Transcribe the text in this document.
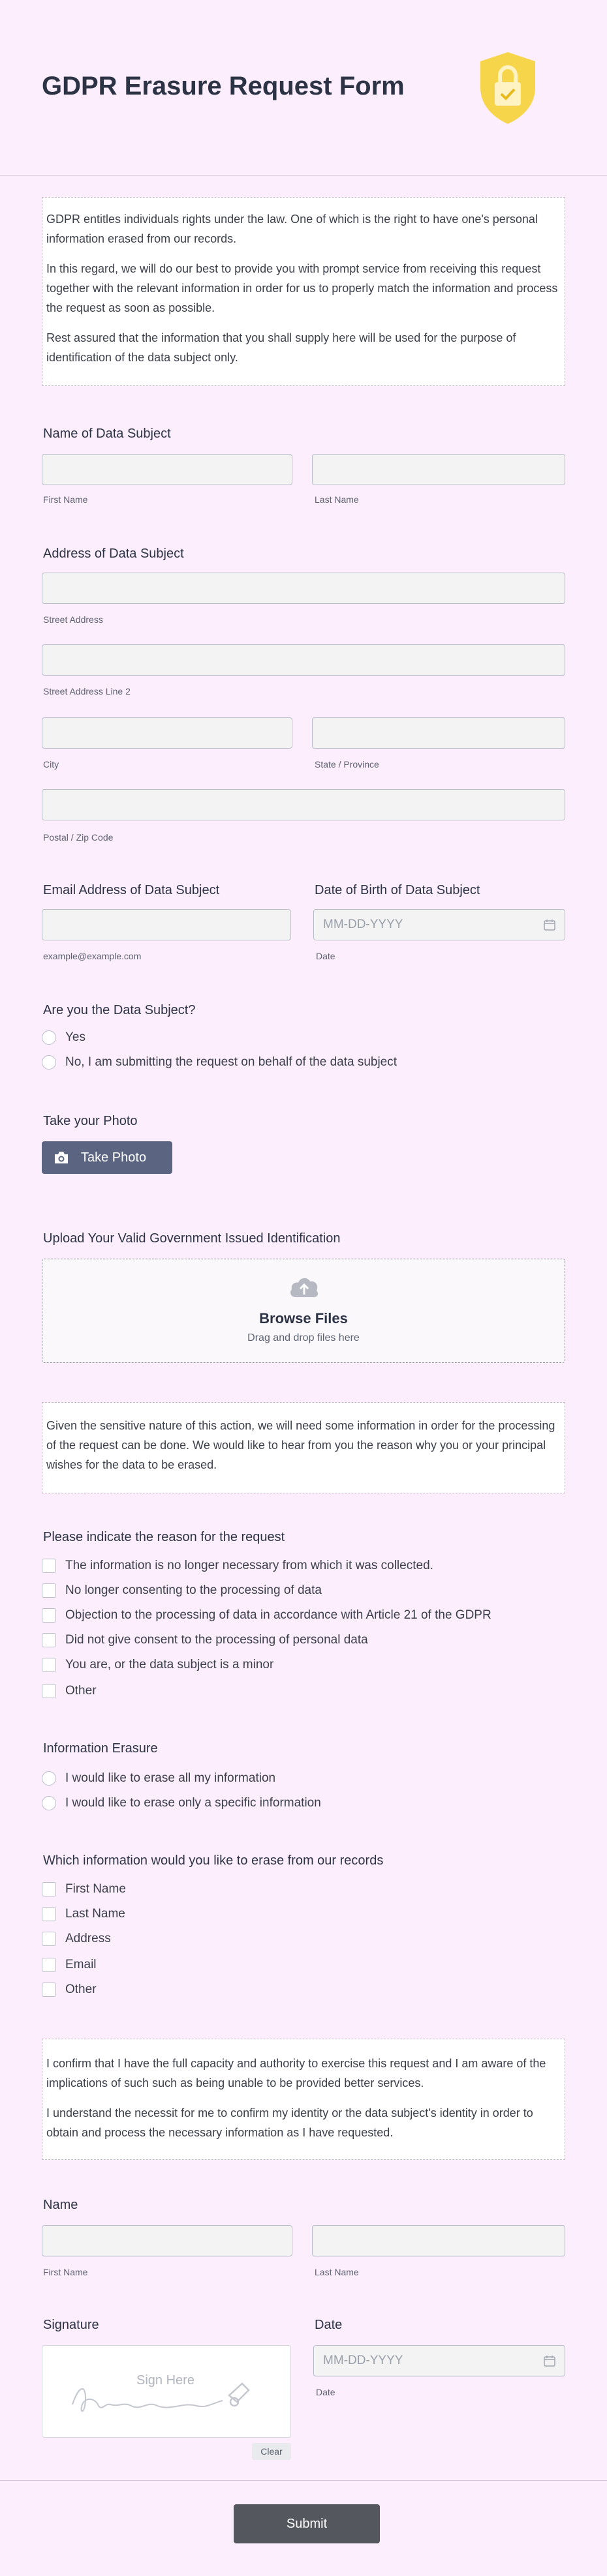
GDPR Erasure Request Form

GDPR entitles individuals rights under the law. One of which is the right to have one's personal information erased from our records.

In this regard, we will do our best to provide you with prompt service from receiving this request together with the relevant information in order for us to properly match the information and process the request as soon as possible.

Rest assured that the information that you shall supply here will be used for the purpose of identification of the data subject only.

Name of Data Subject
First Name	Last Name
Address of Data Subject
Street Address
Street Address Line 2
City	State / Province
Postal / Zip Code
Email Address of Data Subject
example@example.com
Date of Birth of Data Subject
MM-DD-YYYY
Date
Are you the Data Subject?
Yes
No, I am submitting the request on behalf of the data subject
Take your Photo
Take Photo
Upload Your Valid Government Issued Identification
Browse Files
Drag and drop files here

Given the sensitive nature of this action, we will need some information in order for the processing of the request can be done. We would like to hear from you the reason why you or your principal wishes for the data to be erased.

Please indicate the reason for the request
The information is no longer necessary from which it was collected.
No longer consenting to the processing of data
Objection to the processing of data in accordance with Article 21 of the GDPR
Did not give consent to the processing of personal data
You are, or the data subject is a minor
Other
Information Erasure
I would like to erase all my information
I would like to erase only a specific information
Which information would you like to erase from our records
First Name
Last Name
Address
Email
Other

I confirm that I have the full capacity and authority to exercise this request and I am aware of the implications of such such as being unable to be provided better services.

I understand the necessit for me to confirm my identity or the data subject's identity in order to obtain and process the necessary information as I have requested.

Name
First Name	Last Name
Signature
Sign Here
Clear
Date
MM-DD-YYYY
Date
Submit
